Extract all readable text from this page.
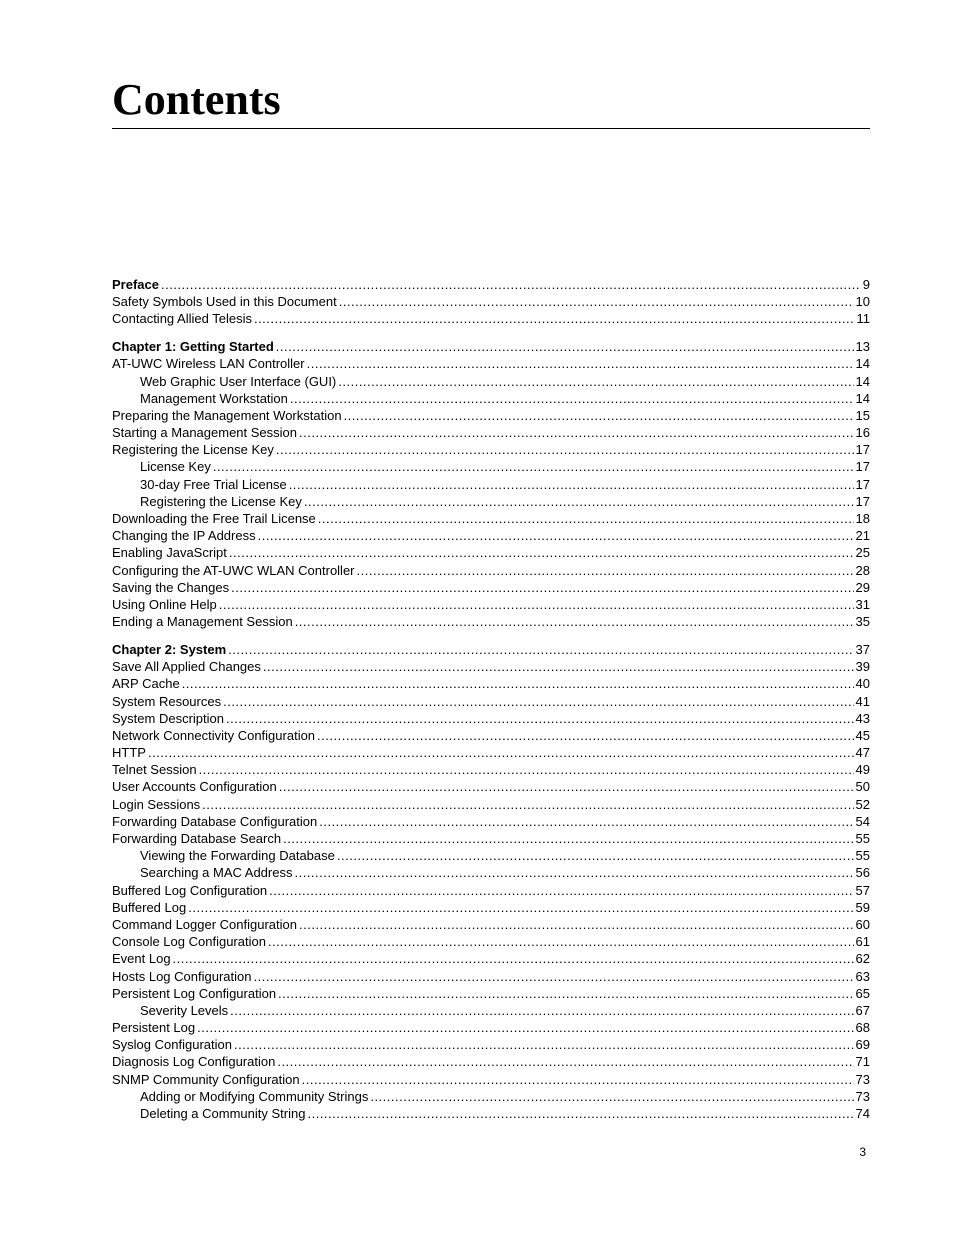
Contents
Preface .....	9
Safety Symbols Used in this Document .....	10
Contacting Allied Telesis .....	11
Chapter 1: Getting Started .....	13
AT-UWC Wireless LAN Controller .....	14
Web Graphic User Interface (GUI) .....	14
Management Workstation .....	14
Preparing the Management Workstation .....	15
Starting a Management Session .....	16
Registering the License Key .....	17
License Key .....	17
30-day Free Trial License .....	17
Registering the License Key .....	17
Downloading the Free Trail License .....	18
Changing the IP Address .....	21
Enabling JavaScript .....	25
Configuring the AT-UWC WLAN Controller .....	28
Saving the Changes .....	29
Using Online Help .....	31
Ending a Management Session .....	35
Chapter 2: System .....	37
Save All Applied Changes .....	39
ARP Cache .....	40
System Resources .....	41
System Description .....	43
Network Connectivity Configuration .....	45
HTTP .....	47
Telnet Session .....	49
User Accounts Configuration .....	50
Login Sessions .....	52
Forwarding Database Configuration .....	54
Forwarding Database Search .....	55
Viewing the Forwarding Database .....	55
Searching a MAC Address .....	56
Buffered Log Configuration .....	57
Buffered Log .....	59
Command Logger Configuration .....	60
Console Log Configuration .....	61
Event Log .....	62
Hosts Log Configuration .....	63
Persistent Log Configuration .....	65
Severity Levels .....	67
Persistent Log .....	68
Syslog Configuration .....	69
Diagnosis Log Configuration .....	71
SNMP Community Configuration .....	73
Adding or Modifying Community Strings .....	73
Deleting a Community String .....	74
3
